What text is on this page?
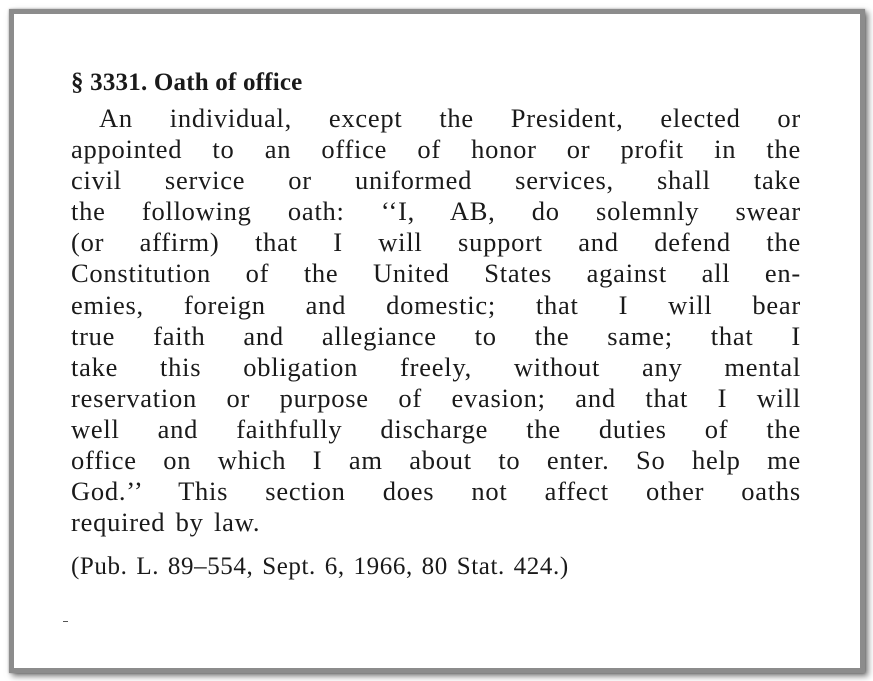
§ 3331. Oath of office

An individual, except the President, elected or
appointed to an office of honor or profit in the
civil service or uniformed services, shall take
the following oath: ‘‘I, AB, do solemnly swear
(or affirm) that I will support and defend the
Constitution of the United States against all en-
emies, foreign and domestic; that I will bear
true faith and allegiance to the same; that I
take this obligation freely, without any mental
reservation or purpose of evasion; and that I will
well and faithfully discharge the duties of the
office on which I am about to enter. So help me
God.’’ This section does not affect other oaths
required by law.

(Pub. L. 89–554, Sept. 6, 1966, 80 Stat. 424.)
